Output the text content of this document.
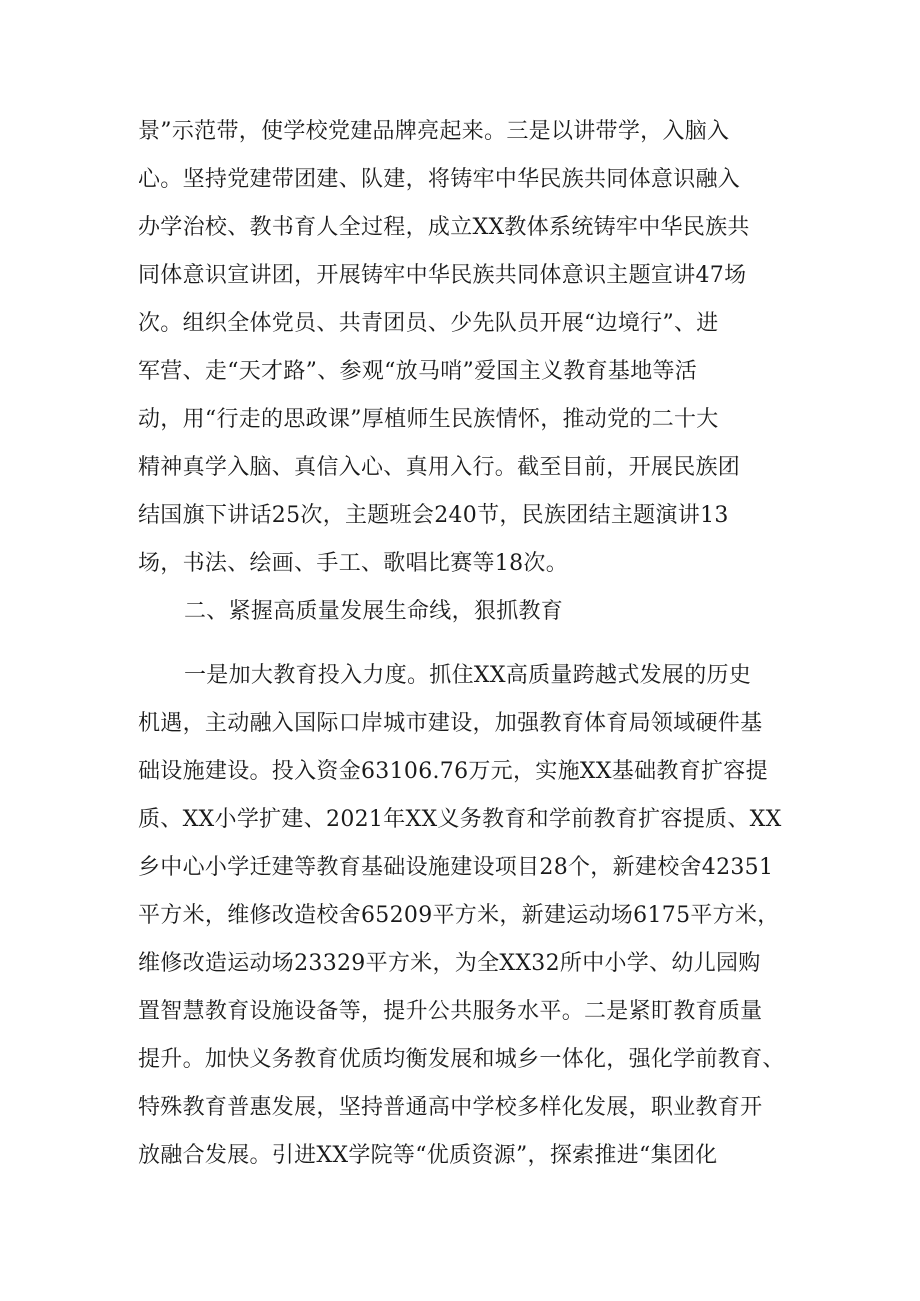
景”示范带，使学校党建品牌亮起来。三是以讲带学，入脑入
心。坚持党建带团建、队建，将铸牢中华民族共同体意识融入
办学治校、教书育人全过程，成立XX教体系统铸牢中华民族共
同体意识宣讲团，开展铸牢中华民族共同体意识主题宣讲47场
次。组织全体党员、共青团员、少先队员开展“边境行”、进
军营、走“天才路”、参观“放马哨”爱国主义教育基地等活
动，用“行走的思政课”厚植师生民族情怀，推动党的二十大
精神真学入脑、真信入心、真用入行。截至目前，开展民族团
结国旗下讲话25次，主题班会240节，民族团结主题演讲13
场，书法、绘画、手工、歌唱比赛等18次。
二、紧握高质量发展生命线，狠抓教育
一是加大教育投入力度。抓住XX高质量跨越式发展的历史
机遇，主动融入国际口岸城市建设，加强教育体育局领域硬件基
础设施建设。投入资金63106.76万元，实施XX基础教育扩容提
质、XX小学扩建、2021年XX义务教育和学前教育扩容提质、XX
乡中心小学迁建等教育基础设施建设项目28个，新建校舍42351
平方米，维修改造校舍65209平方米，新建运动场6175平方米，
维修改造运动场23329平方米，为全XX32所中小学、幼儿园购
置智慧教育设施设备等，提升公共服务水平。二是紧盯教育质量
提升。加快义务教育优质均衡发展和城乡一体化，强化学前教育、
特殊教育普惠发展，坚持普通高中学校多样化发展，职业教育开
放融合发展。引进XX学院等“优质资源”，探索推进“集团化
